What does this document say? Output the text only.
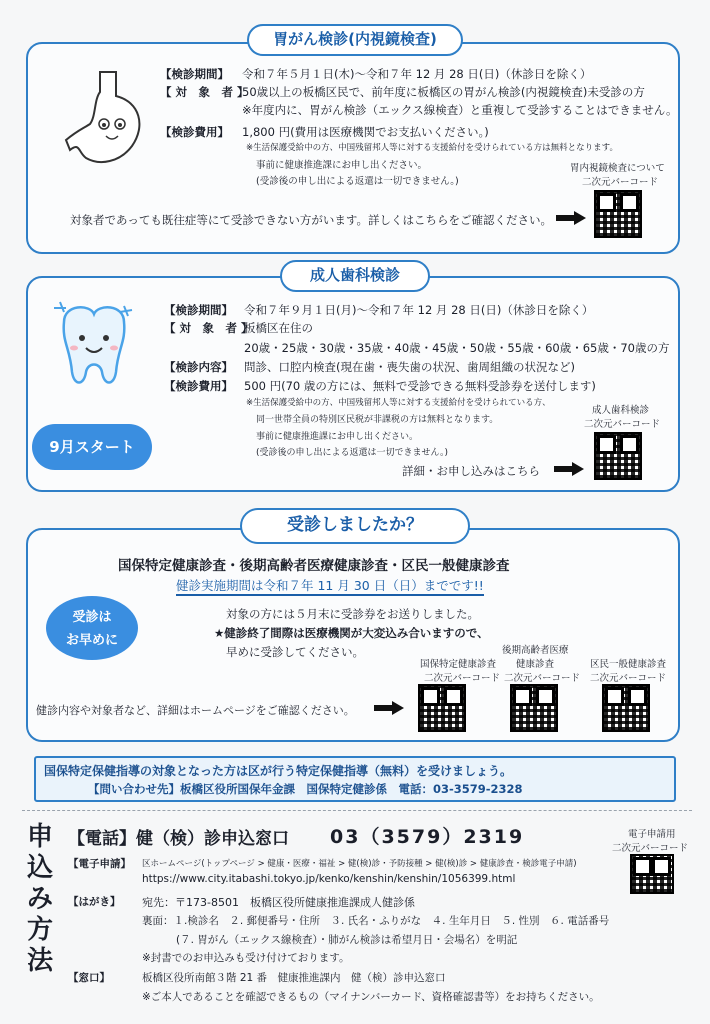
胃がん検診(内視鏡検査)
【検診期間】 令和７年５月１日(木)～令和７年 12 月 28 日(日)（休診日を除く）
【 対　象　者 】
50歳以上の板橋区民で、前年度に板橋区の胃がん検診(内視鏡検査)未受診の方
※年度内に、胃がん検診（エックス線検査）と重複して受診することはできません。
【検診費用】 1,800 円(費用は医療機関でお支払いください。)
※生活保護受給中の方、中国残留邦人等に対する支援給付を受けられている方は無料となります。
事前に健康推進課にお申し出ください。
(受診後の申し出による返還は一切できません。)
胃内視鏡検査について
二次元バーコード
対象者であっても既往症等にて受診できない方がいます。詳しくはこちらをご確認ください。
成人歯科検診
9月スタート
【検診期間】 令和７年９月１日(月)～令和７年 12 月 28 日(日)（休診日を除く）
【 対　象　者 】
板橋区在住の
20歳・25歳・30歳・35歳・40歳・45歳・50歳・55歳・60歳・65歳・70歳の方
【検診内容】 問診、口腔内検査(現在歯・喪失歯の状況、歯周組織の状況など)
【検診費用】 500 円(70 歳の方には、無料で受診できる無料受診券を送付します)
※生活保護受給中の方、中国残留邦人等に対する支援給付を受けられている方、
同一世帯全員の特別区民税が非課税の方は無料となります。
事前に健康推進課にお申し出ください。
(受診後の申し出による返還は一切できません。)
成人歯科検診
二次元バーコード
詳細・お申し込みはこちら
受診しましたか？
国保特定健康診査・後期高齢者医療健康診査・区民一般健康診査
健診実施期間は令和７年 11 月 30 日（日）までです!!
受診は
お早めに
対象の方には５月末に受診券をお送りしました。
★健診終了間際は医療機関が大変込み合いますので、
早めに受診してください。
国保特定健康診査
二次元バーコード
後期高齢者医療
健康診査
二次元バーコード
区民一般健康診査
二次元バーコード
健診内容や対象者など、詳細はホームページをご確認ください。
国保特定保健指導の対象となった方は区が行う特定保健指導（無料）を受けましょう。
【問い合わせ先】板橋区役所国保年金課　国保特定健診係　電話：03-3579-2328
申
込
み
方
法
【電話】健（検）診申込窓口 03（3579）2319	電子申請用
二次元バーコード
【電子申請】 区ホームページ(トップページ > 健康・医療・福祉 > 健(検)診・予防接種 > 健(検)診 > 健康診査・検診電子申請)
https://www.city.itabashi.tokyo.jp/kenko/kenshin/kenshin/1056399.html
【はがき】 宛先：〒173-8501　板橋区役所健康推進課成人健診係
裏面：１.検診名　２. 郵便番号・住所　３. 氏名・ふりがな　４. 生年月日　５. 性別　６. 電話番号
(７. 胃がん（エックス線検査）・肺がん検診は希望月日・会場名）を明記
※封書でのお申込みも受け付けております。
【窓口】	板橋区役所南館３階 21 番　健康推進課内　健（検）診申込窓口
※ご本人であることを確認できるもの（マイナンバーカード、資格確認書等）をお持ちください。
